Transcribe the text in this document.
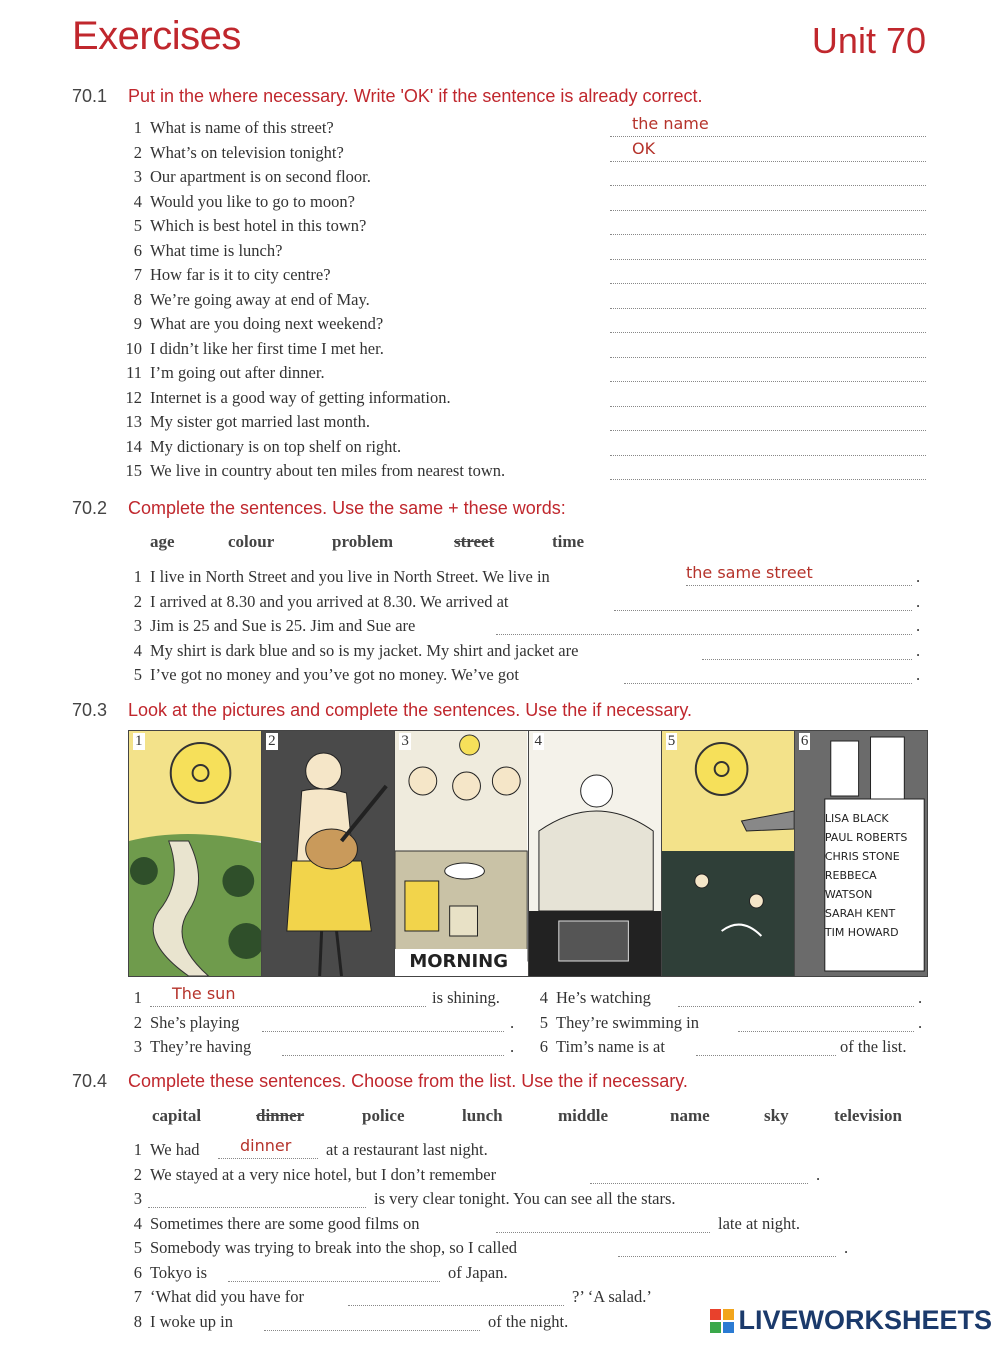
Exercises	Unit 70
70.1 Put in the where necessary. Write 'OK' if the sentence is already correct.
1 What is name of this street?	the name
2 What’s on television tonight?	OK
3 Our apartment is on second floor.
4 Would you like to go to moon?
5 Which is best hotel in this town?
6 What time is lunch?
7 How far is it to city centre?
8 We’re going away at end of May.
9 What are you doing next weekend?
10 I didn’t like her first time I met her.
11 I’m going out after dinner.
12 Internet is a good way of getting information.
13 My sister got married last month.
14 My dictionary is on top shelf on right.
15 We live in country about ten miles from nearest town.
70.2 Complete the sentences. Use the same + these words:
age	colour	problem	street	time
1 I live in North Street and you live in North Street. We live in	the same street	.
2 I arrived at 8.30 and you arrived at 8.30. We arrived at	.
3 Jim is 25 and Sue is 25. Jim and Sue are	.
4 My shirt is dark blue and so is my jacket. My shirt and jacket are	.
5 I’ve got no money and you’ve got no money. We’ve got	.
70.3 Look at the pictures and complete the sentences. Use the if necessary.
1	2	3
MORNING
4	5	6
LISA BLACK
PAUL ROBERTS
CHRIS STONE
REBBECA
WATSON
SARAH KENT
TIM HOWARD
1	The sun	is shining.
2 She’s playing	.
3 They’re having	.
4 He’s watching	.
5 They’re swimming in	.
6 Tim’s name is at	of the list.
70.4 Complete these sentences. Choose from the list. Use the if necessary.
capital	dinner	police	lunch	middle	name	sky	television
1 We had	dinner at a restaurant last night.
2 We stayed at a very nice hotel, but I don’t remember	.
3	is very clear tonight. You can see all the stars.
4 Sometimes there are some good films on	late at night.
5 Somebody was trying to break into the shop, so I called	.
6 Tokyo is	of Japan.
7 ‘What did you have for	?’ ‘A salad.’
8 I woke up in	of the night.	LIVEWORKSHEETS
